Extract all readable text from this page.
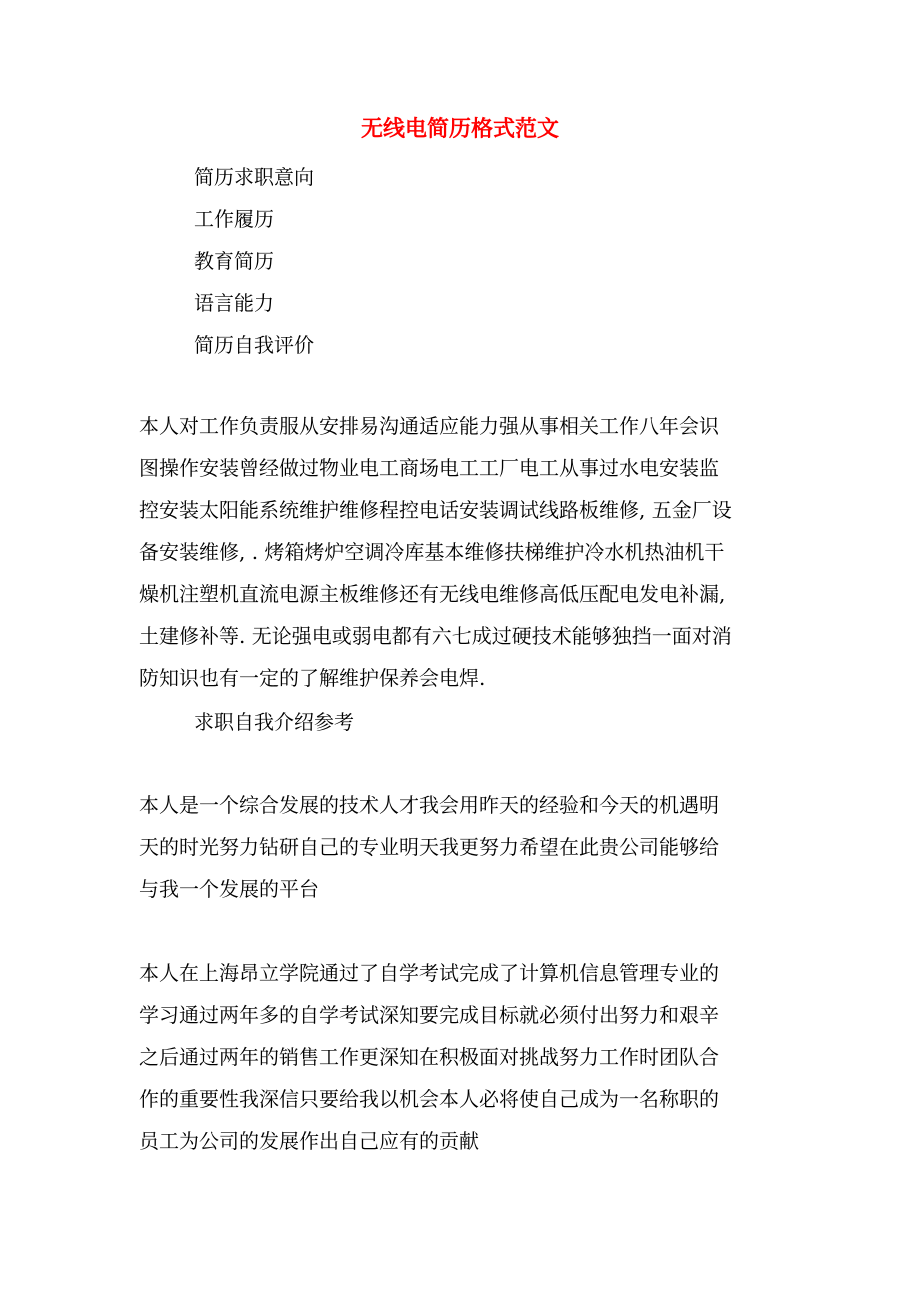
无线电简历格式范文
简历求职意向
工作履历
教育简历
语言能力
简历自我评价
本人对工作负责服从安排易沟通适应能力强从事相关工作八年会识
图操作安装曾经做过物业电工商场电工工厂电工从事过水电安装监
控安装太阳能系统维护维修程控电话安装调试线路板维修, 五金厂设
备安装维修, . 烤箱烤炉空调冷库基本维修扶梯维护冷水机热油机干
燥机注塑机直流电源主板维修还有无线电维修高低压配电发电补漏,
土建修补等. 无论强电或弱电都有六七成过硬技术能够独挡一面对消
防知识也有一定的了解维护保养会电焊.
求职自我介绍参考
本人是一个综合发展的技术人才我会用昨天的经验和今天的机遇明
天的时光努力钻研自己的专业明天我更努力希望在此贵公司能够给
与我一个发展的平台
本人在上海昂立学院通过了自学考试完成了计算机信息管理专业的
学习通过两年多的自学考试深知要完成目标就必须付出努力和艰辛
之后通过两年的销售工作更深知在积极面对挑战努力工作时团队合
作的重要性我深信只要给我以机会本人必将使自己成为一名称职的
员工为公司的发展作出自己应有的贡献
